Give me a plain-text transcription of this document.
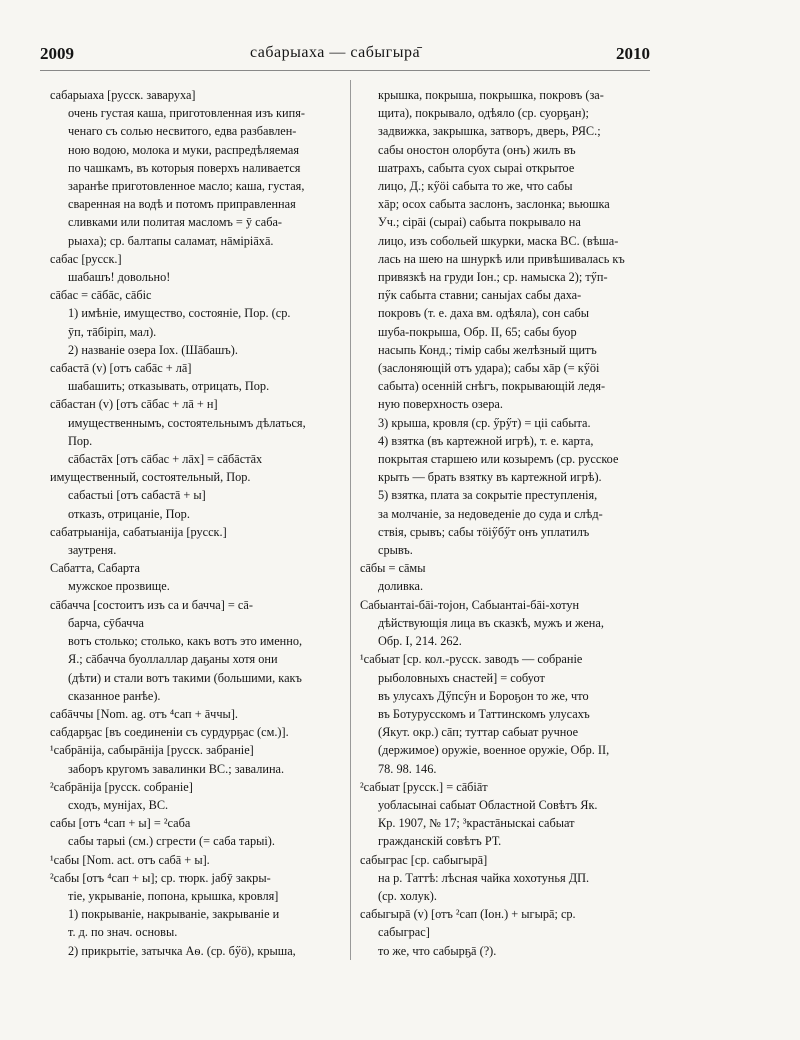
2009	сабарыаха — сабыгыра̄	2010
сабарыаха [русск. заваруха]
очень густая каша, приготовленная изъ кипя-
ченаго съ солью несвитого, едва разбавлен-
ною водою, молока и муки, распредѣляемая
по чашкамъ, въ которыя поверхъ наливается
заранѣе приготовленное масло; каша, густая,
сваренная на водѣ и потомъ приправленная
сливками или политая масломъ = ӯ саба-
рыаха); ср. балтапы саламат, нāміріāхā.
сабас [русск.]
шабашъ! довольно!
сāбас = сāбāс, сāбіс
1) имѣніе, имущество, состояніе, Пор. (ср.
ӯп, тāбіріп, мал).
2) названіе озера Іох. (Шāбашъ).
сабастā (v) [отъ сабāс + лā]
шабашить; отказывать, отрицать, Пор.
сāбастан (v) [отъ сāбас + лā + н]
имущественнымъ, состоятельнымъ дѣлаться,
Пор.
сāбастāх [отъ сāбас + лāх] = сāбāстāх
имущественный, состоятельный, Пор.
сабастыі [отъ сабастā + ы]
отказъ, отрицаніе, Пор.
сабатрыаніjа, сабатыаніjа [русск.]
заутреня.
Сабатта, Сабарта
мужское прозвище.
сāбачча [состоитъ изъ са и бачча] = сā-
барча, сӯбачча
вотъ столько; столько, какъ вотъ это именно,
Я.; сāбачча буоллаллар даҕаны хотя они
(дѣти) и стали вотъ такими (большими, какъ
сказанное ранѣе).
сабāччы [Nom. ag. отъ ⁴сап + āччы].
сабдарҕас [въ соединеніи съ сурдурҕас (см.)].
¹сабрāніjа, сабырāніjа [русск. забраніе]
заборъ кругомъ завалинки ВС.; завалина.
²сабрāніjа [русск. собраніе]
сходъ, муніjах, ВС.
сабы [отъ ⁴сап + ы] = ²саба
сабы тарыі (см.) сгрести (= саба тарыі).
¹сабы [Nom. act. отъ сабā + ы].
²сабы [отъ ⁴сап + ы]; ср. тюрк. jабӯ закры-
тіе, укрываніе, попона, крышка, кровля]
1) покрываніе, накрываніе, закрываніе и
т. д. по знач. основы.
2) прикрытіе, затычка Аѳ. (ср. бӳö), крыша,
крышка, покрыша, покрышка, покровъ (за-
щита), покрывало, одѣяло (ср. суорҕан);
задвижка, закрышка, затворъ, дверь, РЯС.;
сабы оностон олорбута (онъ) жилъ въ
шатрахъ, сабыта суох сыраі открытое
лицо, Д.; кӳöі сабыта то же, что сабы
хāр; осох сабыта заслонъ, заслонка; вьюшка
Уч.; сірāі (сыраі) сабыта покрывало на
лицо, изъ собольей шкурки, маска ВС. (вѣша-
лась на шею на шнуркѣ или привѣшивалась къ
привязкѣ на груди Іон.; ср. намыска 2); тӳп-
пӳк сабыта ставни; саныjах сабы даха-
покровъ (т. е. даха вм. одѣяла), сон сабы
шуба-покрыша, Обр. II, 65; сабы буор
насыпь Конд.; тімір сабы желѣзный щитъ
(заслоняющій отъ удара); сабы хāр (= кӳöі
сабыта) осенній снѣгъ, покрывающій ледя-
ную поверхность озера.
3) крыша, кровля (ср. ӳрӳт) = ціі сабыта.
4) взятка (въ картежной игрѣ), т. е. карта,
покрытая старшею или козыремъ (ср. русское
крыть — брать взятку въ картежной игрѣ).
5) взятка, плата за сокрытіе преступленія,
за молчаніе, за недоведеніе до суда и слѣд-
ствія, срывъ; сабы тöіӳбӳт онъ уплатилъ
срывъ.
сāбы = сāмы
доливка.
Сабыантаі-бāі-тоjон, Сабыантаі-бāі-хотун
дѣйствующія лица въ сказкѣ, мужъ и жена,
Обр. I, 214. 262.
¹сабыат [ср. кол.-русск. заводъ — собраніе
рыболовныхъ снастей] = собуот
въ улусахъ Дӳпсӳн и Бороҕон то же, что
въ Ботурусскомъ и Таттинскомъ улусахъ
(Якут. окр.) сāп; туттар сабыат ручное
(держимое) оружіе, военное оружіе, Обр. II,
78. 98. 146.
²сабыат [русск.] = сāбіāт
уобласынаі сабыат Областной Совѣтъ Як.
Кр. 1907, № 17; ³крастāныскаі сабыат
гражданскій совѣтъ РТ.
сабыграс [ср. сабыгырā]
на р. Таттѣ: лѣсная чайка хохотунья ДП.
(ср. холук).
сабыгырā (v) [отъ ²сап (Іон.) + ыгырā; ср.
сабыграс]
то же, что сабырҕā (?).
